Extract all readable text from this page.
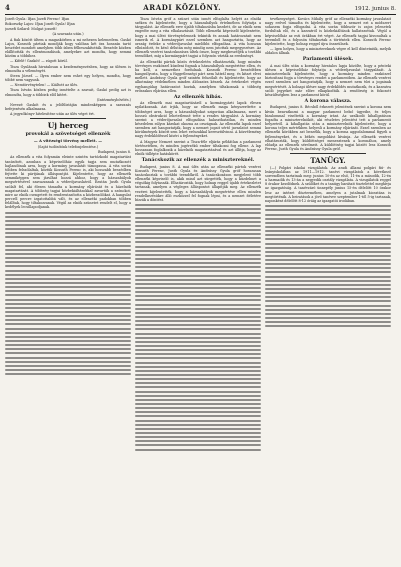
4	ARADI KÖZLÖNY.	1912. junius 8.

Jozefi Gyula: Ifjan Jozefi Ferenc! Ifjan

Bokorszky Lajos: Ifjan Jozefi Gyula! Ifjan

jozsefi Szilard: Molgat jozsefi!

(A szavazás után.)

A fiak között ültem a magaskörben a mi nehezen kelemedem. Gaskó Lajos, Kossuth pártiak mondják hogy valóban két óra hosszán tartó beszédet mondott amelyben több ízben félbeszakították. Beszéde közben elállították és ellentmondások, amelyekre azt mondta, hogy semmi közöm a többihez.

— Kifelé! Gaskót! — zúgott körül.

Tisza Gyulának hivatalosan a kezdeményezésben, hogy az ülésen is elmondta a véleményét.

Steen József. — Ilyen ember nem eshet egy helyen, mondta, hogy többé nem vagyunk.

— Nemtörvénytelen! — Kiáltott az ülés.

Tisza István közben pedig ismételte a szavait, Gaskó pedig azt is elmondta, hogy a többiek elől kitért.

(Intézménybővítés.)

Nevezé Gaskót és a jelöltlistáján mindenképpen a szavazás befejezésén alkalmazza.

A jegyzőkönyv hitelesítése után az ülés véget ért.

Uj herceg
provokál a szövetséget ellenzék
— A vitézségi törvény mellett. —

(Saját tudósítónk telefonjelentése.)

Budapest, junius 8.

Az ellenzék a vita folyamán eleinte szintén tartózkodó magatartást tanúsított, azonban a képviselőház egyik tagja sem mutatkozott hajlandónak arra, hogy a kormány javaslatát támogassa. A vita során többen felszólaltak, köztük Kossuth Ferenc is, aki hosszabb beszédben fejtette ki pártjának álláspontját. Kijelentette, hogy az ellenzék semmiképpen sem járulhat hozzá ahhoz, hogy a házszabályok megsértésével szavazzanak a véderőjavaslatról. Ezután Justh Gyula szólalt fel, aki élesen támadta a kormány eljárását és a házelnök magatartását. A többség tagjai közbekiáltásokkal zavarták a szónokot, mire az elnök csengetett és rendreutasította a közbeszólókat. A hangulat percről percre izgatottabbá vált, és az ellenzéki padokban többen felálltak, hogy tiltakozzanak. Végül az elnök szünetet rendelt el, hogy a kedélyek lecsillapodjanak.

Tisza István gróf a szünet után ismét elfoglalta helyét az elnöki széken és kijelentette, hogy a házszabályok értelmében folytatja a tárgyalást. Az ellenzék erre újabb tiltakozásba kezdett, de az elnök nem engedte meg a vita elhalasztását. Több ellenzéki képviselő kijelentette, hogy a mai ülést törvénytelennek tekintik és annak határozatait nem ismerik el. A kormánypárt ezzel szemben azt hangoztatta, hogy az ország érdeke a véderőjavaslat mielőbbi elfogadása. A vita hosszan elhúzódott, és késő délután még mindig nem jutottak megegyezésre. Az ellenzék vezérei tanácskozásra ültek össze, hogy megbeszéljék a további teendőket, míg a kormánypárt tagjai a folyosón várták az eredményt.

Az ellenzéki pártok közös értekezletén elhatározták, hogy minden törvényes eszközzel küzdeni fognak a házszabályok megsértése ellen, és ha kell, a nemzethez fordulnak. Kossuth Ferenc beszédében hangsúlyozta, hogy a függetlenségi párt nem hátrál meg, és kitart elvei mellett. Andrássy Gyula gróf szintén felszólalt és kijelentette, hogy az alkotmány védelmében minden áldozatra készek. Az értekezlet végén egyhangúlag határozatot hoztak, amelyben tiltakoznak a többség erőszakos eljárása ellen.

Az ellenzék hibás.

Az ellenzék mai magatartásáról a kormánypárti lapok élesen nyilatkoznak. Azt írják, hogy az ellenzék maga kényszerítette a többséget arra, hogy a házszabályokat szigorúan alkalmazza, mert a hosszú obstrukció lehetetlenné tette a rendes tárgyalást. A kormány szerint a véderőjavaslat elfogadása halaszthatatlan, és minden késedelem súlyos károkat okozna az országnak. Az ellenzéki lapok ezzel szemben azt hangoztatják, hogy a nemzet jogait sértő javaslatot semmi körülmények között sem lehet erőszakkal keresztülvinni. A közvélemény nagy érdeklődéssel kíséri a fejleményeket.

A Magyar Nemzet szerint a Tisza-féle eljárás példátlan a parlament történetében, és minden jogérzékű ember tiltakozni fog ellene. A lap hosszasan foglalkozik a házelnök magatartásával és azt állítja, hogy az elnök túllépte hatáskörét.

Tanácskozik az ellenzék a minisztereknél.

Budapest, junius 8. A mai ülés után az ellenzéki pártok vezérei Kossuth Ferenc, Justh Gyula és Andrássy Gyula gróf hosszasan tanácskoztak a további teendőkről. A tanácskozáson megjelent több ellenzéki képviselő is, akik mind azt sürgették, hogy a küzdelmet a végsőkig folytassák. Elhatározták, hogy holnap reggel újabb értekezletet tartanak, amelyen a végleges álláspontot állapítják meg. Az ellenzék vezérei kijelentették, hogy a házszabályok megsértése ellen minden rendelkezésükre álló eszközzel fel fognak lépni, és a nemzet ítéletére bízzák a döntést.

tevékenységet. Kovács Mihály gróf az ellenzéki kormány javaslatait nagy erővel támadta és kijelentette, hogy a nemzet ezt a módszert sohasem fogja elfogadni. A vita során többször is zajos jelenetek fordultak elő, és a karzatról is közbekiáltások hallatszottak. Végül a képviselőház az esti órákban ért véget. Az ellenzék tagjai kivonultak a teremből és a folyosón tiltakoztak a történtek ellen. Kossuth Ferenc kijelentette, hogy holnap reggel újra összeülnek.

— Igen helyes, hogy a minisztereknek végre el kell döntetniük, melyik oldalon állnak.

Parlamenti ülések.

A mai ülés után a kormány hivatalos lapja közölte, hogy a pénteki ülésen a képviselőház folytatja a véderőjavaslat tárgyalását. A miniszterelnök kijelentette, hogy a kormány minden eszközzel biztosítani fogja a törvényes rendet a parlamentben. Az ellenzék vezérei ezzel szemben azt hangoztatják, hogy a nemzet nem tűri a jogainak megsértését. A holnapi ülésre nagy érdeklődés mutatkozik, és a karzatra szóló jegyeket már előre elkapkodták. A rendőrség is fokozott készültségben lesz a parlament körül.

A korona válasza.

Budapest, junius 8. Bécsből érkezett jelentések szerint a korona nem kíván beavatkozni a magyar parlament belső ügyeibe, és teljes bizalommal viseltetik a kormány iránt. Az uralkodó kihallgatáson fogadta a miniszterelnököt, aki részletes jelentést tett a parlamenti helyzetről. A kihallgatás után a miniszterelnök kijelentette, hogy a korona teljes mértékben helyesli a kormány eljárását. Ezzel szemben az ellenzéki körökben azt beszélik, hogy a korona aggodalommal figyeli a fejleményeket, és a békés megoldást kívánja. Az ellenzék vezérei elhatározták, hogy küldöttséget menesztenek a koronához, amely előadja az ellenzék sérelmeit. A küldöttség tagjai között lesz Kossuth Ferenc, Justh Gyula és Andrássy Gyula gróf.

TANÜGY.

(—) Polgári iskolai vizsgálatok. Az aradi állami polgári fiú- és leányiskolában az 1911—1912. tanévi vizsgálatok a következő sorrendben tartatnak meg: junius 10-én az első, 11-én a második, 12-én a harmadik és 13-án a negyedik osztály vizsgálata. A vizsgálatok reggel 8 órakor kezdődnek. A szülőket és a tanügy barátait tisztelettel meghívja az igazgatóság. A tanévzáró ünnepély junius 15-én délelőtt 10 órakor lesz az intézet dísztermében, amelyen a jutalmak kiosztása is megtörténik. A beiratások a jövő tanévre szeptember 1-től 5-ig tartanak, naponként délelőtt 8-12 óráig az igazgatói irodában.
